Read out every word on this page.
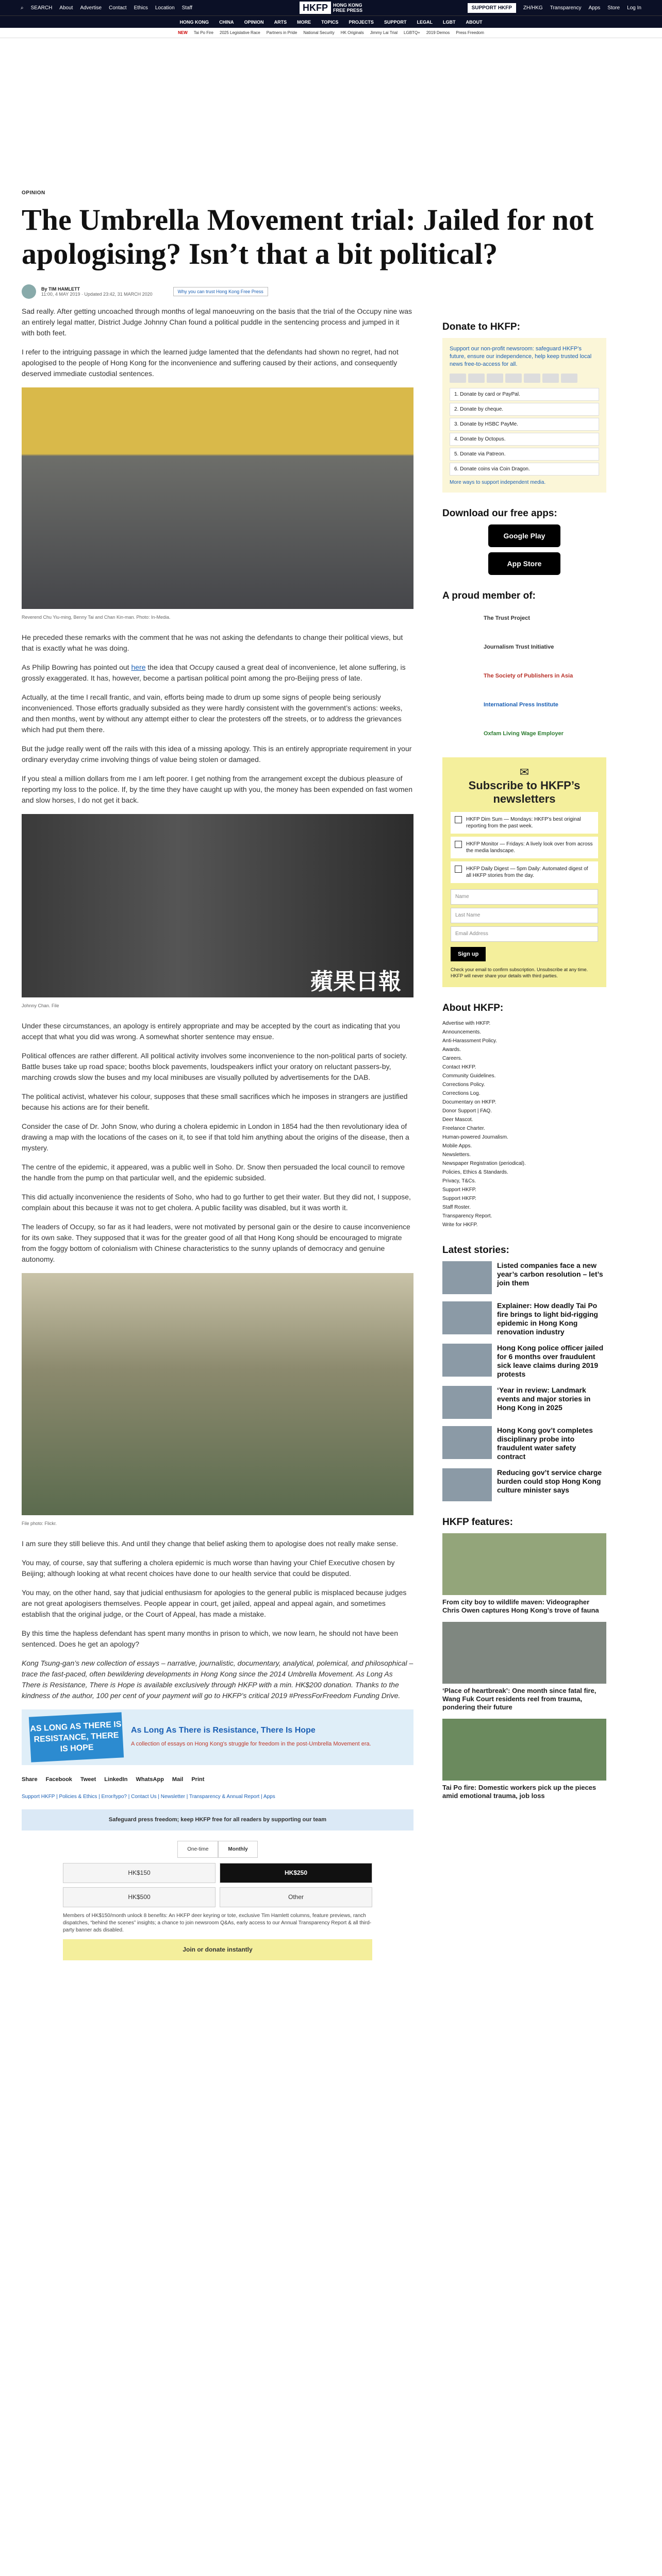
⌕ SEARCH About Advertise Contact Ethics Location Staff	HKFP	HONG KONG
FREE PRESS	SUPPORT HKFP	ZH/HKG Transparency Apps Store Log In
HONG KONG CHINA OPINION ARTS MORE TOPICS PROJECTS SUPPORT LEGAL LGBT ABOUT
NEW Tai Po Fire 2025 Legislative Race Partners in Pride National Security HK Originals Jimmy Lai Trial LGBTQ+ 2019 Demos Press Freedom
OPINION
The Umbrella Movement trial: Jailed for not apologising? Isn’t that a bit political?
By TIM HAMLETT
11:00, 4 MAY 2019 · Updated 23:42, 31 MARCH 2020	Why you can trust Hong Kong Free Press

Sad really. After getting uncoached through months of legal manoeuvring on the basis that the trial of the Occupy nine was an entirely legal matter, District Judge Johnny Chan found a political puddle in the sentencing process and jumped in it with both feet.

I refer to the intriguing passage in which the learned judge lamented that the defendants had shown no regret, had not apologised to the people of Hong Kong for the inconvenience and suffering caused by their actions, and consequently deserved immediate custodial sentences.

Reverend Chu Yiu-ming, Benny Tai and Chan Kin-man. Photo: In-Media.

He preceded these remarks with the comment that he was not asking the defendants to change their political views, but that is exactly what he was doing.

As Philip Bowring has pointed out here the idea that Occupy caused a great deal of inconvenience, let alone suffering, is grossly exaggerated. It has, however, become a partisan political point among the pro-Beijing press of late.

Actually, at the time I recall frantic, and vain, efforts being made to drum up some signs of people being seriously inconvenienced. Those efforts gradually subsided as they were hardly consistent with the government’s actions: weeks, and then months, went by without any attempt either to clear the protesters off the streets, or to address the grievances which had put them there.

But the judge really went off the rails with this idea of a missing apology. This is an entirely appropriate requirement in your ordinary everyday crime involving things of value being stolen or damaged.

If you steal a million dollars from me I am left poorer. I get nothing from the arrangement except the dubious pleasure of reporting my loss to the police. If, by the time they have caught up with you, the money has been expended on fast women and slow horses, I do not get it back.

蘋果日報
Johnny Chan. File

Under these circumstances, an apology is entirely appropriate and may be accepted by the court as indicating that you accept that what you did was wrong. A somewhat shorter sentence may ensue.

Political offences are rather different. All political activity involves some inconvenience to the non-political parts of society. Battle buses take up road space; booths block pavements, loudspeakers inflict your oratory on reluctant passers-by, marching crowds slow the buses and my local minibuses are visually polluted by advertisements for the DAB.

The political activist, whatever his colour, supposes that these small sacrifices which he imposes in strangers are justified because his actions are for their benefit.

Consider the case of Dr. John Snow, who during a cholera epidemic in London in 1854 had the then revolutionary idea of drawing a map with the locations of the cases on it, to see if that told him anything about the origins of the disease, then a mystery.

The centre of the epidemic, it appeared, was a public well in Soho. Dr. Snow then persuaded the local council to remove the handle from the pump on that particular well, and the epidemic subsided.

This did actually inconvenience the residents of Soho, who had to go further to get their water. But they did not, I suppose, complain about this because it was not to get cholera. A public facility was disabled, but it was worth it.

The leaders of Occupy, so far as it had leaders, were not motivated by personal gain or the desire to cause inconvenience for its own sake. They supposed that it was for the greater good of all that Hong Kong should be encouraged to migrate from the foggy bottom of colonialism with Chinese characteristics to the sunny uplands of democracy and genuine autonomy.

File photo: Flickr.

I am sure they still believe this. And until they change that belief asking them to apologise does not really make sense.

You may, of course, say that suffering a cholera epidemic is much worse than having your Chief Executive chosen by Beijing; although looking at what recent choices have done to our health service that could be disputed.

You may, on the other hand, say that judicial enthusiasm for apologies to the general public is misplaced because judges are not great apologisers themselves. People appear in court, get jailed, appeal and appeal again, and sometimes establish that the original judge, or the Court of Appeal, has made a mistake.

By this time the hapless defendant has spent many months in prison to which, we now learn, he should not have been sentenced. Does he get an apology?

Kong Tsung-gan’s new collection of essays – narrative, journalistic, documentary, analytical, polemical, and philosophical – trace the fast-paced, often bewildering developments in Hong Kong since the 2014 Umbrella Movement. As Long As There is Resistance, There is Hope is available exclusively through HKFP with a min. HK$200 donation. Thanks to the kindness of the author, 100 per cent of your payment will go to HKFP’s critical 2019 #PressForFreedom Funding Drive.

AS LONG AS THERE IS RESISTANCE, THERE IS HOPE
As Long As There is Resistance, There Is Hope
A collection of essays on Hong Kong’s struggle for freedom in the post-Umbrella Movement era.
Share Facebook Tweet LinkedIn WhatsApp Mail Print
Support HKFP | Policies & Ethics | Error/typo? | Contact Us | Newsletter | Transparency & Annual Report | Apps
Safeguard press freedom; keep HKFP free for all readers by supporting our team
One-time	Monthly
HK$150	HK$250
HK$500	Other
Members of HK$150/month unlock 8 benefits: An HKFP deer keyring or tote, exclusive Tim Hamlett columns, feature previews, ranch dispatches, “behind the scenes” insights; a chance to join newsroom Q&As, early access to our Annual Transparency Report & all third-party banner ads disabled.
Join or donate instantly
Donate to HKFP:
Support our non-profit newsroom: safeguard HKFP’s future, ensure our independence, help keep trusted local news free-to-access for all.
1. Donate by card or PayPal.
2. Donate by cheque.
3. Donate by HSBC PayMe.
4. Donate by Octopus.
5. Donate via Patreon.
6. Donate coins via Coin Dragon.
More ways to support independent media.
Download our free apps:
Google Play
App Store
A proud member of:
The Trust Project
Journalism Trust Initiative
The Society of Publishers in Asia
International Press Institute
Oxfam Living Wage Employer
✉
Subscribe to HKFP’s newsletters
HKFP Dim Sum — Mondays: HKFP’s best original reporting from the past week.
HKFP Monitor — Fridays: A lively look over from across the media landscape.
HKFP Daily Digest — 5pm Daily: Automated digest of all HKFP stories from the day.
Name
Last Name
Email Address
Sign up
Check your email to confirm subscription. Unsubscribe at any time. HKFP will never share your details with third parties.
About HKFP:
Advertise with HKFP.
Announcements.
Anti-Harassment Policy.
Awards.
Careers.
Contact HKFP.
Community Guidelines.
Corrections Policy.
Corrections Log.
Documentary on HKFP.
Donor Support | FAQ.
Deer Mascot.
Freelance Charter.
Human-powered Journalism.
Mobile Apps.
Newsletters.
Newspaper Registration (periodical).
Policies, Ethics & Standards.
Privacy, T&Cs.
Support HKFP.
Support HKFP.
Staff Roster.
Transparency Report.
Write for HKFP.
Latest stories:
Listed companies face a new year’s carbon resolution – let’s join them
Explainer: How deadly Tai Po fire brings to light bid-rigging epidemic in Hong Kong renovation industry
Hong Kong police officer jailed for 6 months over fraudulent sick leave claims during 2019 protests
‘Year in review: Landmark events and major stories in Hong Kong in 2025
Hong Kong gov’t completes disciplinary probe into fraudulent water safety contract
Reducing gov’t service charge burden could stop Hong Kong culture minister says
HKFP features:
From city boy to wildlife maven: Videographer Chris Owen captures Hong Kong’s trove of fauna
‘Place of heartbreak’: One month since fatal fire, Wang Fuk Court residents reel from trauma, pondering their future
Tai Po fire: Domestic workers pick up the pieces amid emotional trauma, job loss
